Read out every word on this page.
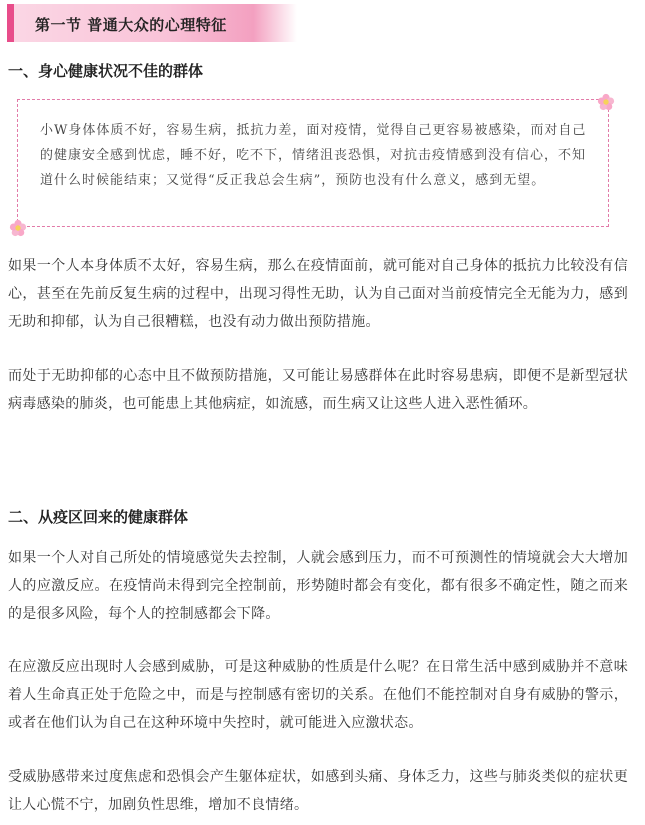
第一节 普通大众的心理特征
一、身心健康状况不佳的群体
小W身体体质不好，容易生病，抵抗力差，面对疫情，觉得自己更容易被感染，而对自己的健康安全感到忧虑，睡不好，吃不下，情绪沮丧恐惧，对抗击疫情感到没有信心，不知道什么时候能结束；又觉得“反正我总会生病”，预防也没有什么意义，感到无望。
如果一个人本身体质不太好，容易生病，那么在疫情面前，就可能对自己身体的抵抗力比较没有信心，甚至在先前反复生病的过程中，出现习得性无助，认为自己面对当前疫情完全无能为力，感到无助和抑郁，认为自己很糟糕，也没有动力做出预防措施。
而处于无助抑郁的心态中且不做预防措施，又可能让易感群体在此时容易患病，即便不是新型冠状病毒感染的肺炎，也可能患上其他病症，如流感，而生病又让这些人进入恶性循环。
二、从疫区回来的健康群体
如果一个人对自己所处的情境感觉失去控制，人就会感到压力，而不可预测性的情境就会大大增加人的应激反应。在疫情尚未得到完全控制前，形势随时都会有变化，都有很多不确定性，随之而来的是很多风险，每个人的控制感都会下降。
在应激反应出现时人会感到威胁，可是这种威胁的性质是什么呢？在日常生活中感到威胁并不意味着人生命真正处于危险之中，而是与控制感有密切的关系。在他们不能控制对自身有威胁的警示，或者在他们认为自己在这种环境中失控时，就可能进入应激状态。
受威胁感带来过度焦虑和恐惧会产生躯体症状，如感到头痛、身体乏力，这些与肺炎类似的症状更让人心慌不宁，加剧负性思维，增加不良情绪。
